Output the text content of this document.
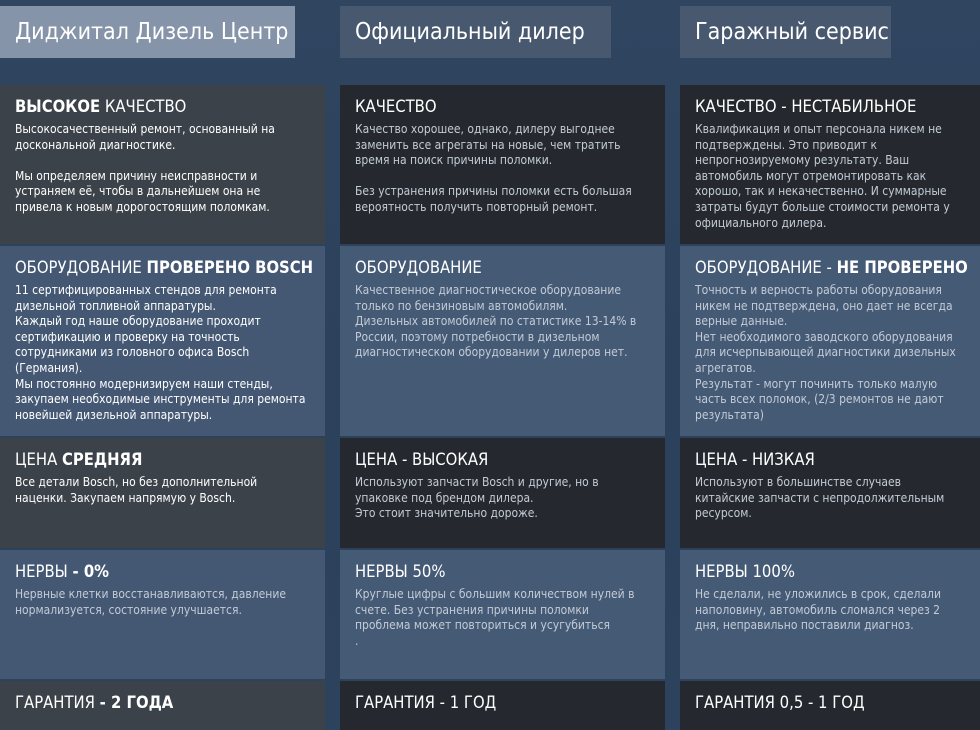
Диджитал Дизель Центр
ВЫСОКОЕ КАЧЕСТВО
Высокосачественный ремонт, основанный на
досконaльной диагностике.

Мы определяем причину неисправности и
устраняем её, чтобы в дальнейшем она не
привела к новым дорогостоящим поломкам.
ОБОРУДОВАНИЕ ПРОВЕРЕНО BOSCH
11 сертифицированных стендов для ремонта
дизельной топливной аппаратуры.
Каждый год наше оборудование проходит
сертификацию и проверку на точность
сотрудниками из головного офиса Bosch
(Германия).
Мы постоянно модернизируем наши стенды,
закупаем необходимые инструменты для ремонта
новейшей дизельной аппаратуры.
ЦЕНА СРЕДНЯЯ
Все детали Bosch, но без дополнительной
наценки. Закупаем напрямую у Bosch.
НЕРВЫ - 0%
Нервные клетки восстанавливаются, давление
нормализуется, состояние улучшается.
ГАРАНТИЯ - 2 ГОДА
Официальный дилер
КАЧЕСТВО
Качество хорошее, однако, дилеру выгоднее
заменить все агрегаты на новые, чем тратить
время на поиск причины поломки.

Без устранения причины поломки есть большая
вероятность получить повторный ремонт.
ОБОРУДОВАНИЕ
Качественное диагностическое оборудование
только по бензиновым автомобилям.
Дизельных автомобилей по статистике 13-14% в
России, поэтому потребности в дизельном
диагностическом оборудовании у дилеров нет.
ЦЕНА - ВЫСОКАЯ
Используют запчасти Bosch и другие, но в
упаковке под брендом дилера.
Это стоит значительно дороже.
НЕРВЫ 50%
Круглые цифры с большим количеством нулей в
счете. Без устранения причины поломки
проблема может повториться и усугубиться
.
ГАРАНТИЯ - 1 ГОД
Гаражный сервис
КАЧЕСТВО - НЕСТАБИЛЬНОЕ
Квалификация и опыт персонала никем не
подтверждены. Это приводит к
непрогнозируемому результату. Ваш
автомобиль могут отремонтировать как
хорошо, так и некачественно. И суммарные
затраты будут больше стоимости ремонта у
официального дилера.
ОБОРУДОВАНИЕ - НЕ ПРОВЕРЕНО
Точность и верность работы оборудования
никем не подтверждена, оно дает не всегда
верные данные.
Нет необходимого заводского оборудования
для исчерпывающей диагностики дизельных
агрегатов.
Результат - могут починить только малую
часть всех поломок, (2/3 ремонтов не дают
результата)
ЦЕНА - НИЗКАЯ
Используют в большинстве случаев
китайские запчасти с непродолжительным
ресурсом.
НЕРВЫ 100%
Не сделали, не уложились в срок, сделали
наполовину, автомобиль сломался через 2
дня, неправильно поставили диагноз.
ГАРАНТИЯ 0,5 - 1 ГОД
